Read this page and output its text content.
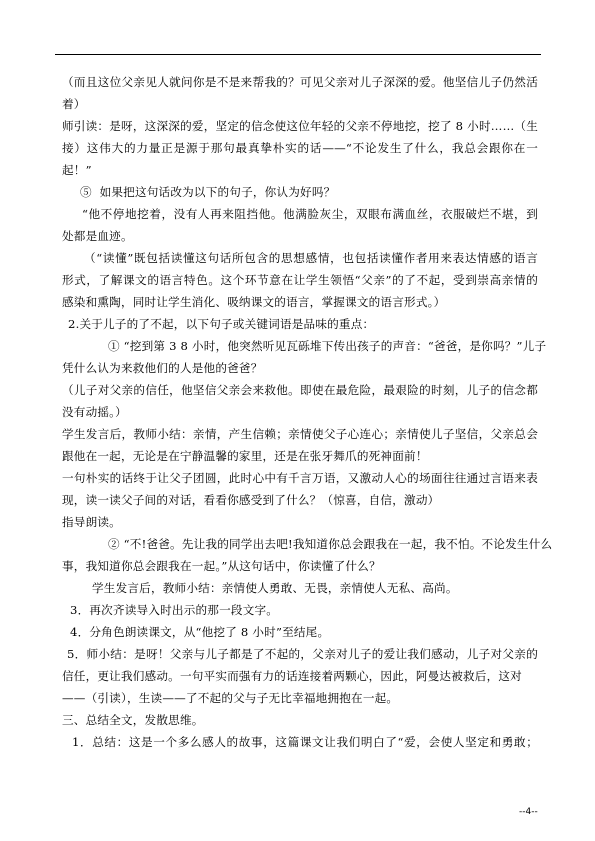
（而且这位父亲见人就问你是不是来帮我的？可见父亲对儿子深深的爱。他坚信儿子仍然活
着）
师引读：是呀，这深深的爱，坚定的信念使这位年轻的父亲不停地挖，挖了 8 小时……（生
接）这伟大的力量正是源于那句最真挚朴实的话——“不论发生了什么，我总会跟你在一
起！”
⑤  如果把这句话改为以下的句子，你认为好吗？
“他不停地挖着，没有人再来阻挡他。他满脸灰尘，双眼布满血丝，衣服破烂不堪，到
处都是血迹。
（“读懂”既包括读懂这句话所包含的思想感情，也包括读懂作者用来表达情感的语言
形式，了解课文的语言特色。这个环节意在让学生领悟“父亲”的了不起，受到崇高亲情的
感染和熏陶，同时让学生消化、吸纳课文的语言，掌握课文的语言形式。）
2.关于儿子的了不起，以下句子或关键词语是品味的重点：
① “挖到第 3 8 小时，他突然听见瓦砾堆下传出孩子的声音：“爸爸，是你吗？”儿子
凭什么认为来救他们的人是他的爸爸？
（儿子对父亲的信任，他坚信父亲会来救他。即使在最危险，最艰险的时刻，儿子的信念都
没有动摇。）
学生发言后，教师小结：亲情，产生信赖；亲情使父子心连心；亲情使儿子坚信，父亲总会
跟他在一起，无论是在宁静温馨的家里，还是在张牙舞爪的死神面前！
一句朴实的话终于让父子团圆，此时心中有千言万语，又激动人心的场面往往通过言语来表
现，读一读父子间的对话，看看你感受到了什么？（惊喜，自信，激动）
指导朗读。
② “不!爸爸。先让我的同学出去吧!我知道你总会跟我在一起，我不怕。不论发生什么
事，我知道你总会跟我在一起。”从这句话中，你读懂了什么？
学生发言后，教师小结：亲情使人勇敢、无畏，亲情使人无私、高尚。
3．再次齐读导入时出示的那一段文字。
4．分角色朗读课文，从“他挖了 8 小时”至结尾。
5．师小结：是呀！父亲与儿子都是了不起的，父亲对儿子的爱让我们感动，儿子对父亲的
信任，更让我们感动。一句平实而强有力的话连接着两颗心，因此，阿曼达被救后，这对
——（引读），生读——了不起的父与子无比幸福地拥抱在一起。
三、总结全文，发散思维。
1．总结：这是一个多么感人的故事，这篇课文让我们明白了“爱，会使人坚定和勇敢；
--4--
